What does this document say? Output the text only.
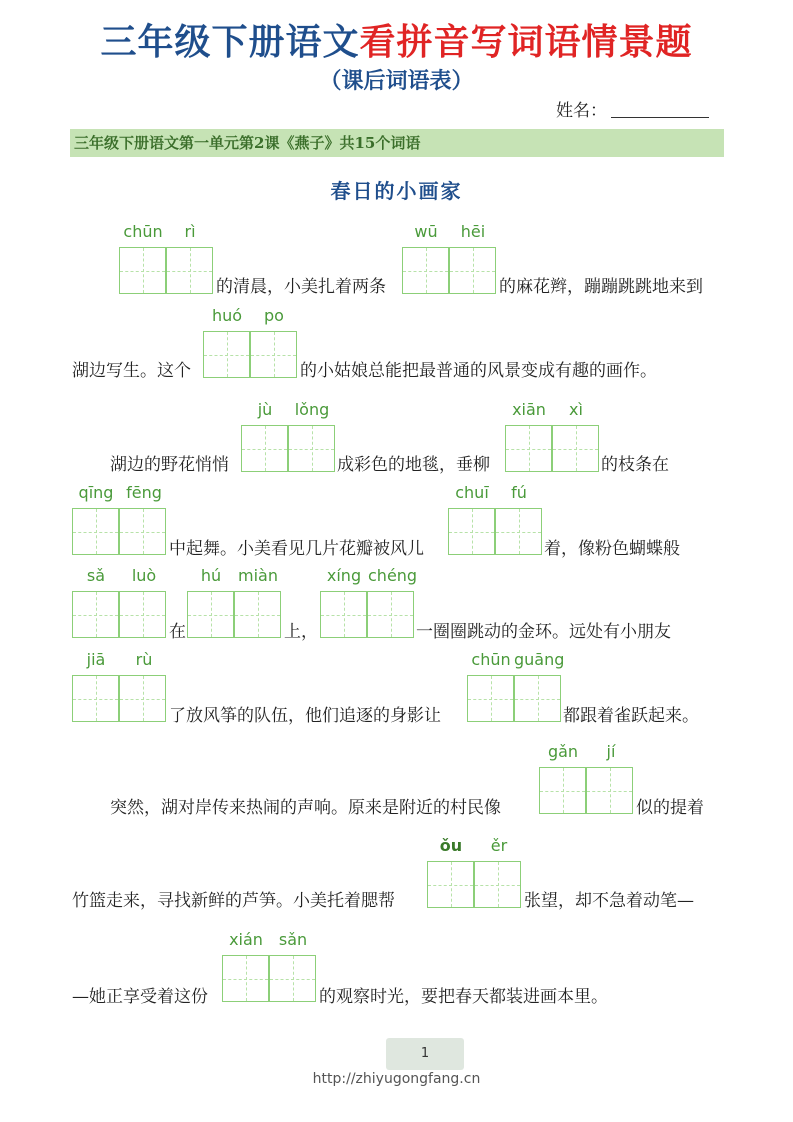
三年级下册语文看拼音写词语情景题
（课后词语表）
姓名：
三年级下册语文第一单元第2课《燕子》共15个词语
春日的小画家
chūn	rì
的清晨，小美扎着两条
wū	hēi
的麻花辫，蹦蹦跳跳地来到
湖边写生。这个
huó	po
的小姑娘总能把最普通的风景变成有趣的画作。
湖边的野花悄悄
jù	lǒng
成彩色的地毯，垂柳
xiān	xì
的枝条在
qīng fēng
中起舞。小美看见几片花瓣被风儿
chuī	fú
着，像粉色蝴蝶般
sǎ	luò
在
hú	miàn
上，
xíng chéng
一圈圈跳动的金环。远处有小朋友
jiā	rù
了放风筝的队伍，他们追逐的身影让
chūn guāng
都跟着雀跃起来。
突然，湖对岸传来热闹的声响。原来是附近的村民像
gǎn	jí
似的提着
竹篮走来，寻找新鲜的芦笋。小美托着腮帮
ǒu	ěr
张望，却不急着动笔—
—她正享受着这份
xián sǎn
的观察时光，要把春天都装进画本里。
1
http://zhiyugongfang.cn
